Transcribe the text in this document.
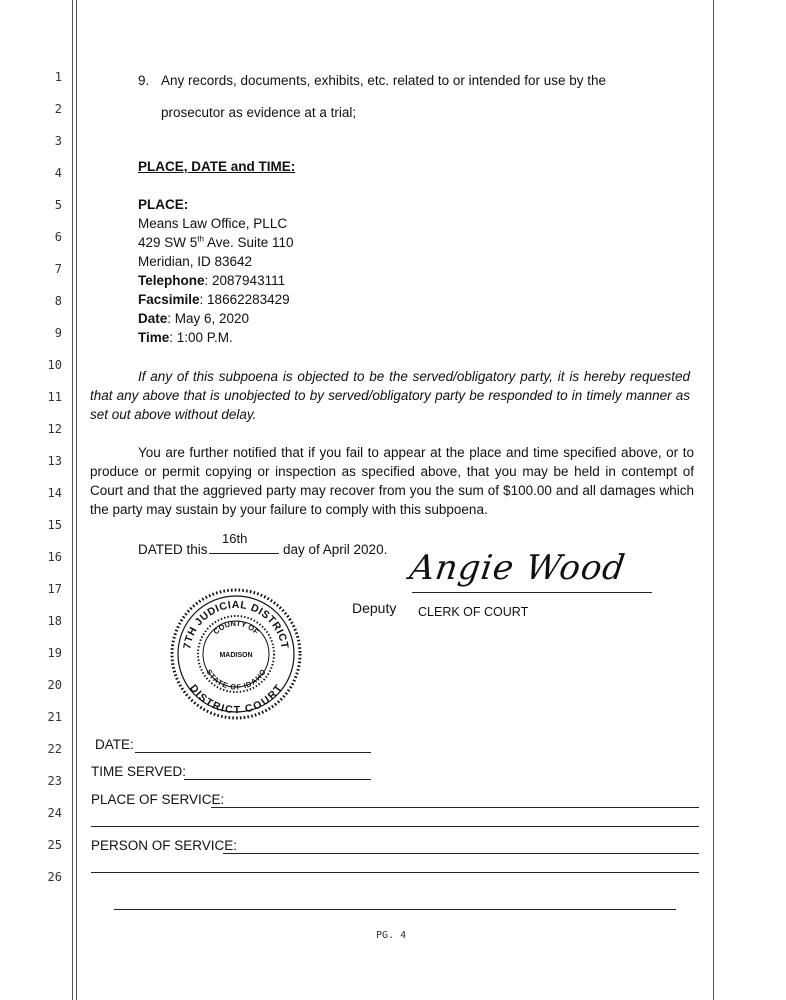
1
2
3
4
5
6
7
8
9
10
11
12
13
14
15
16
17
18
19
20
21
22
23
24
25
26
9. Any records, documents, exhibits, etc. related to or intended for use by the
prosecutor as evidence at a trial;
PLACE, DATE and TIME:
PLACE:
Means Law Office, PLLC
429 SW 5th Ave. Suite 110
Meridian, ID 83642
Telephone: 2087943111
Facsimile: 18662283429
Date: May 6, 2020
Time: 1:00 P.M.
If any of this subpoena is objected to be the served/obligatory party, it is hereby requested that any above that is unobjected to by served/obligatory party be responded to in timely manner as set out above without delay.
You are further notified that if you fail to appear at the place and time specified above, or to produce or permit copying or inspection as specified above, that you may be held in contempt of Court and that the aggrieved party may recover from you the sum of $100.00 and all damages which the party may sustain by your failure to comply with this subpoena.
DATED this
16th
day of April 2020. Angie Wood
Deputy CLERK OF COURT
7TH JUDICIAL DISTRICT
DISTRICT COURT
COUNTY OF
STATE OF IDAHO
MADISON
DATE:
TIME SERVED:
PLACE OF SERVICE:
PERSON OF SERVICE:
PG. 4
